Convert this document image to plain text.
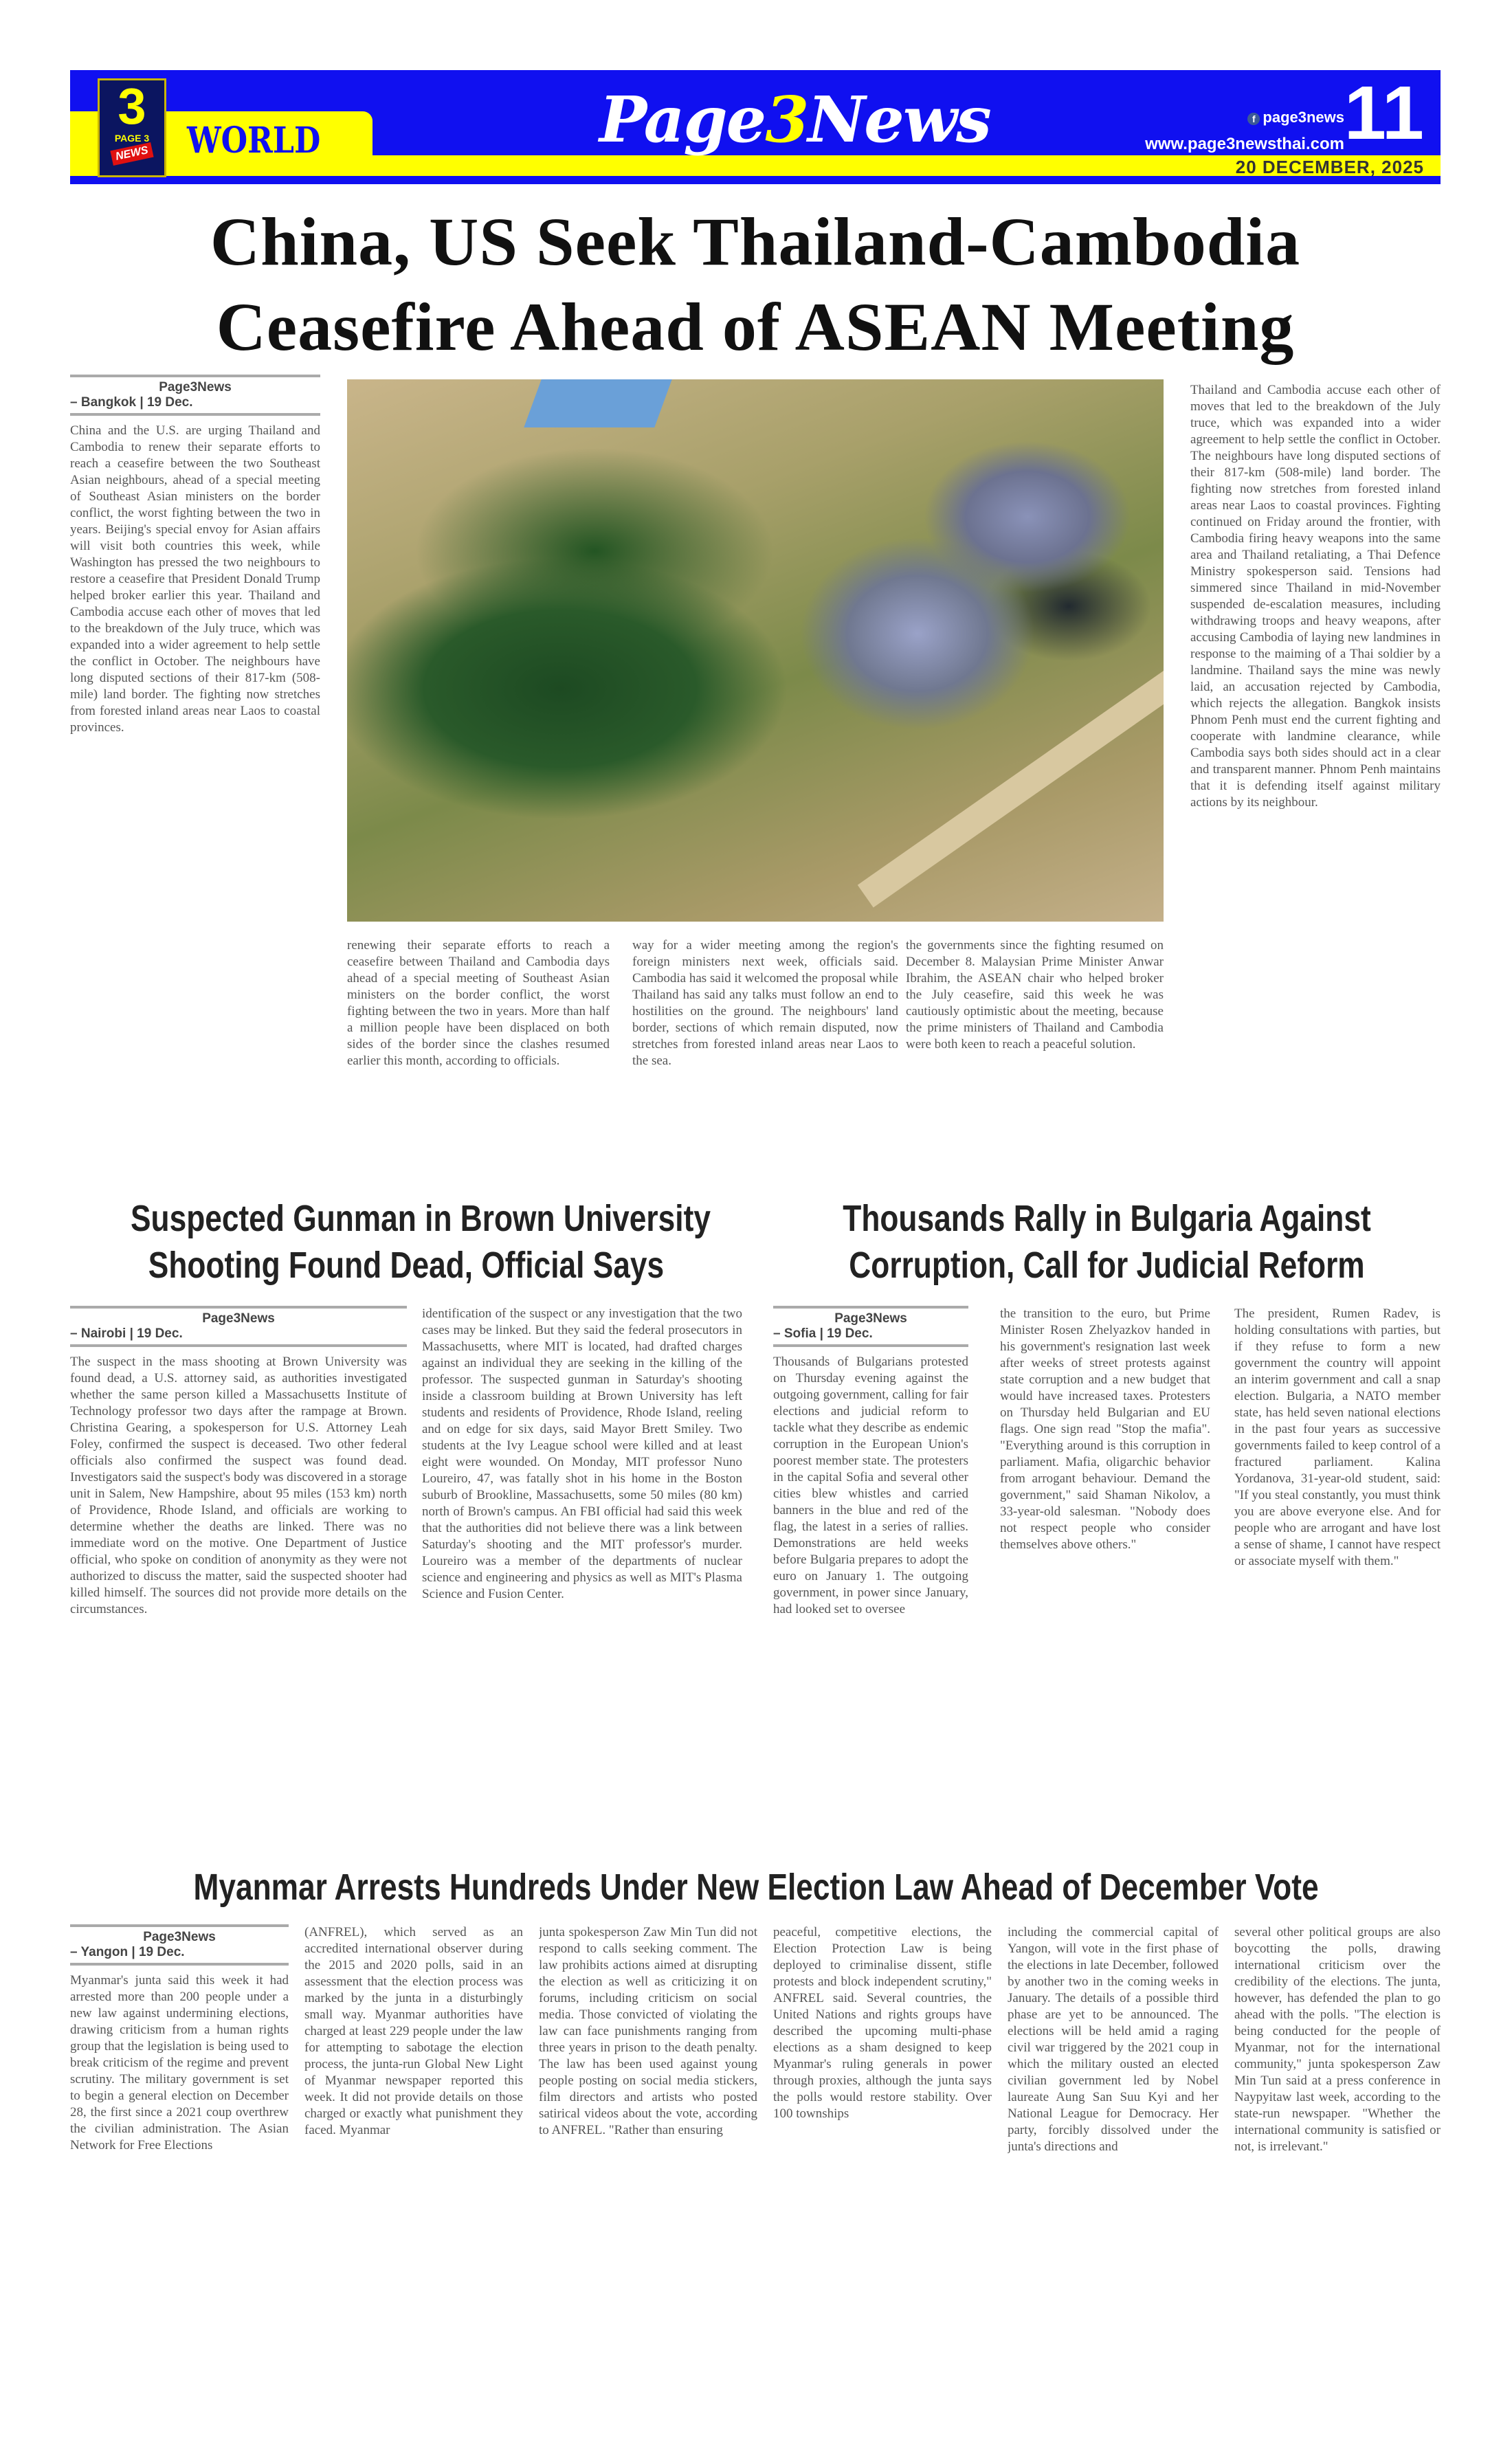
WORLD
3
PAGE 3
NEWS	Page3News	f page3news
www.page3newsthai.com 11
20 DECEMBER, 2025
China, US Seek Thailand-Cambodia
Ceasefire Ahead of ASEAN Meeting
Page3News
– Bangkok | 19 Dec.
China and the U.S. are urging Thailand and Cambodia to renew their separate efforts to reach a ceasefire between the two Southeast Asian neighbours, ahead of a special meeting of Southeast Asian ministers on the border conflict, the worst fighting between the two in years. Beijing's special envoy for Asian affairs will visit both countries this week, while Washington has pressed the two neighbours to restore a ceasefire that President Donald Trump helped broker earlier this year. Thailand and Cambodia accuse each other of moves that led to the breakdown of the July truce, which was expanded into a wider agreement to help settle the conflict in October. The neighbours have long disputed sections of their 817-km (508-mile) land border. The fighting now stretches from forested inland areas near Laos to coastal provinces.
renewing their separate efforts to reach a ceasefire between Thailand and Cambodia days ahead of a special meeting of Southeast Asian ministers on the border conflict, the worst fighting between the two in years. More than half a million people have been displaced on both sides of the border since the clashes resumed earlier this month, according to officials.
way for a wider meeting among the region's foreign ministers next week, officials said. Cambodia has said it welcomed the proposal while Thailand has said any talks must follow an end to hostilities on the ground. The neighbours' land border, sections of which remain disputed, now stretches from forested inland areas near Laos to the sea.
the governments since the fighting resumed on December 8. Malaysian Prime Minister Anwar Ibrahim, the ASEAN chair who helped broker the July ceasefire, said this week he was cautiously optimistic about the meeting, because the prime ministers of Thailand and Cambodia were both keen to reach a peaceful solution.
Thailand and Cambodia accuse each other of moves that led to the breakdown of the July truce, which was expanded into a wider agreement to help settle the conflict in October. The neighbours have long disputed sections of their 817-km (508-mile) land border. The fighting now stretches from forested inland areas near Laos to coastal provinces. Fighting continued on Friday around the frontier, with Cambodia firing heavy weapons into the same area and Thailand retaliating, a Thai Defence Ministry spokesperson said. Tensions had simmered since Thailand in mid-November suspended de-escalation measures, including withdrawing troops and heavy weapons, after accusing Cambodia of laying new landmines in response to the maiming of a Thai soldier by a landmine. Thailand says the mine was newly laid, an accusation rejected by Cambodia, which rejects the allegation. Bangkok insists Phnom Penh must end the current fighting and cooperate with landmine clearance, while Cambodia says both sides should act in a clear and transparent manner. Phnom Penh maintains that it is defending itself against military actions by its neighbour.
Suspected Gunman in Brown University
Shooting Found Dead, Official Says
Page3News
– Nairobi | 19 Dec.
The suspect in the mass shooting at Brown University was found dead, a U.S. attorney said, as authorities investigated whether the same person killed a Massachusetts Institute of Technology professor two days after the rampage at Brown. Christina Gearing, a spokesperson for U.S. Attorney Leah Foley, confirmed the suspect is deceased. Two other federal officials also confirmed the suspect was found dead. Investigators said the suspect's body was discovered in a storage unit in Salem, New Hampshire, about 95 miles (153 km) north of Providence, Rhode Island, and officials are working to determine whether the deaths are linked. There was no immediate word on the motive. One Department of Justice official, who spoke on condition of anonymity as they were not authorized to discuss the matter, said the suspected shooter had killed himself. The sources did not provide more details on the circumstances.
identification of the suspect or any investigation that the two cases may be linked. But they said the federal prosecutors in Massachusetts, where MIT is located, had drafted charges against an individual they are seeking in the killing of the professor. The suspected gunman in Saturday's shooting inside a classroom building at Brown University has left students and residents of Providence, Rhode Island, reeling and on edge for six days, said Mayor Brett Smiley. Two students at the Ivy League school were killed and at least eight were wounded. On Monday, MIT professor Nuno Loureiro, 47, was fatally shot in his home in the Boston suburb of Brookline, Massachusetts, some 50 miles (80 km) north of Brown's campus. An FBI official had said this week that the authorities did not believe there was a link between Saturday's shooting and the MIT professor's murder. Loureiro was a member of the departments of nuclear science and engineering and physics as well as MIT's Plasma Science and Fusion Center.
Thousands Rally in Bulgaria Against
Corruption, Call for Judicial Reform
Page3News
– Sofia | 19 Dec.
Thousands of Bulgarians protested on Thursday evening against the outgoing government, calling for fair elections and judicial reform to tackle what they describe as endemic corruption in the European Union's poorest member state. The protesters in the capital Sofia and several other cities blew whistles and carried banners in the blue and red of the flag, the latest in a series of rallies. Demonstrations are held weeks before Bulgaria prepares to adopt the euro on January 1. The outgoing government, in power since January, had looked set to oversee
the transition to the euro, but Prime Minister Rosen Zhelyazkov handed in his government's resignation last week after weeks of street protests against state corruption and a new budget that would have increased taxes. Protesters on Thursday held Bulgarian and EU flags. One sign read "Stop the mafia". "Everything around is this corruption in parliament. Mafia, oligarchic behavior from arrogant behaviour. Demand the government," said Shaman Nikolov, a 33-year-old salesman. "Nobody does not respect people who consider themselves above others."
The president, Rumen Radev, is holding consultations with parties, but if they refuse to form a new government the country will appoint an interim government and call a snap election. Bulgaria, a NATO member state, has held seven national elections in the past four years as successive governments failed to keep control of a fractured parliament. Kalina Yordanova, 31-year-old student, said: "If you steal constantly, you must think you are above everyone else. And for people who are arrogant and have lost a sense of shame, I cannot have respect or associate myself with them."
Myanmar Arrests Hundreds Under New Election Law Ahead of December Vote
Page3News
– Yangon | 19 Dec.
Myanmar's junta said this week it had arrested more than 200 people under a new law against undermining elections, drawing criticism from a human rights group that the legislation is being used to break criticism of the regime and prevent scrutiny. The military government is set to begin a general election on December 28, the first since a 2021 coup overthrew the civilian administration. The Asian Network for Free Elections
(ANFREL), which served as an accredited international observer during the 2015 and 2020 polls, said in an assessment that the election process was marked by the junta in a disturbingly small way. Myanmar authorities have charged at least 229 people under the law for attempting to sabotage the election process, the junta-run Global New Light of Myanmar newspaper reported this week. It did not provide details on those charged or exactly what punishment they faced. Myanmar
junta spokesperson Zaw Min Tun did not respond to calls seeking comment. The law prohibits actions aimed at disrupting the election as well as criticizing it on forums, including criticism on social media. Those convicted of violating the law can face punishments ranging from three years in prison to the death penalty. The law has been used against young people posting on social media stickers, film directors and artists who posted satirical videos about the vote, according to ANFREL. "Rather than ensuring
peaceful, competitive elections, the Election Protection Law is being deployed to criminalise dissent, stifle protests and block independent scrutiny," ANFREL said. Several countries, the United Nations and rights groups have described the upcoming multi-phase elections as a sham designed to keep Myanmar's ruling generals in power through proxies, although the junta says the polls would restore stability. Over 100 townships
including the commercial capital of Yangon, will vote in the first phase of the elections in late December, followed by another two in the coming weeks in January. The details of a possible third phase are yet to be announced. The elections will be held amid a raging civil war triggered by the 2021 coup in which the military ousted an elected civilian government led by Nobel laureate Aung San Suu Kyi and her National League for Democracy. Her party, forcibly dissolved under the junta's directions and
several other political groups are also boycotting the polls, drawing international criticism over the credibility of the elections. The junta, however, has defended the plan to go ahead with the polls. "The election is being conducted for the people of Myanmar, not for the international community," junta spokesperson Zaw Min Tun said at a press conference in Naypyitaw last week, according to the state-run newspaper. "Whether the international community is satisfied or not, is irrelevant."
